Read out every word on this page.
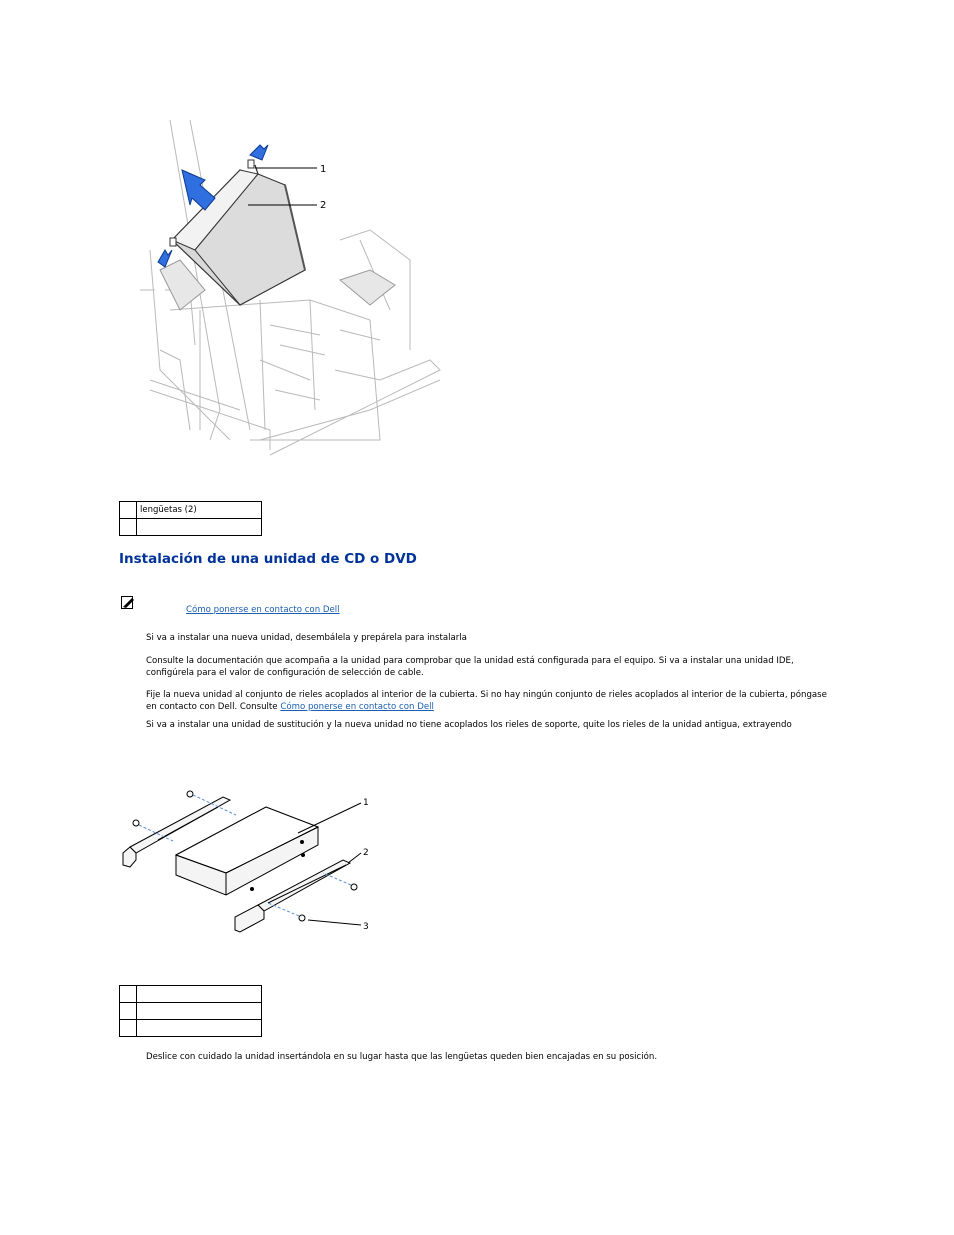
1
2
	lengüetas (2)

Instalación de una unidad de CD o DVD
Cómo ponerse en contacto con Dell
Si va a instalar una nueva unidad, desembálela y prepárela para instalarla
Consulte la documentación que acompaña a la unidad para comprobar que la unidad está configurada para el equipo. Si va a instalar una unidad IDE, configúrela para el valor de configuración de selección de cable.
Fije la nueva unidad al conjunto de rieles acoplados al interior de la cubierta. Si no hay ningún conjunto de rieles acoplados al interior de la cubierta, póngase en contacto con Dell. Consulte Cómo ponerse en contacto con Dell
Si va a instalar una unidad de sustitución y la nueva unidad no tiene acoplados los rieles de soporte, quite los rieles de la unidad antigua, extrayendo
1
2
3

Deslice con cuidado la unidad insertándola en su lugar hasta que las lengüetas queden bien encajadas en su posición.
